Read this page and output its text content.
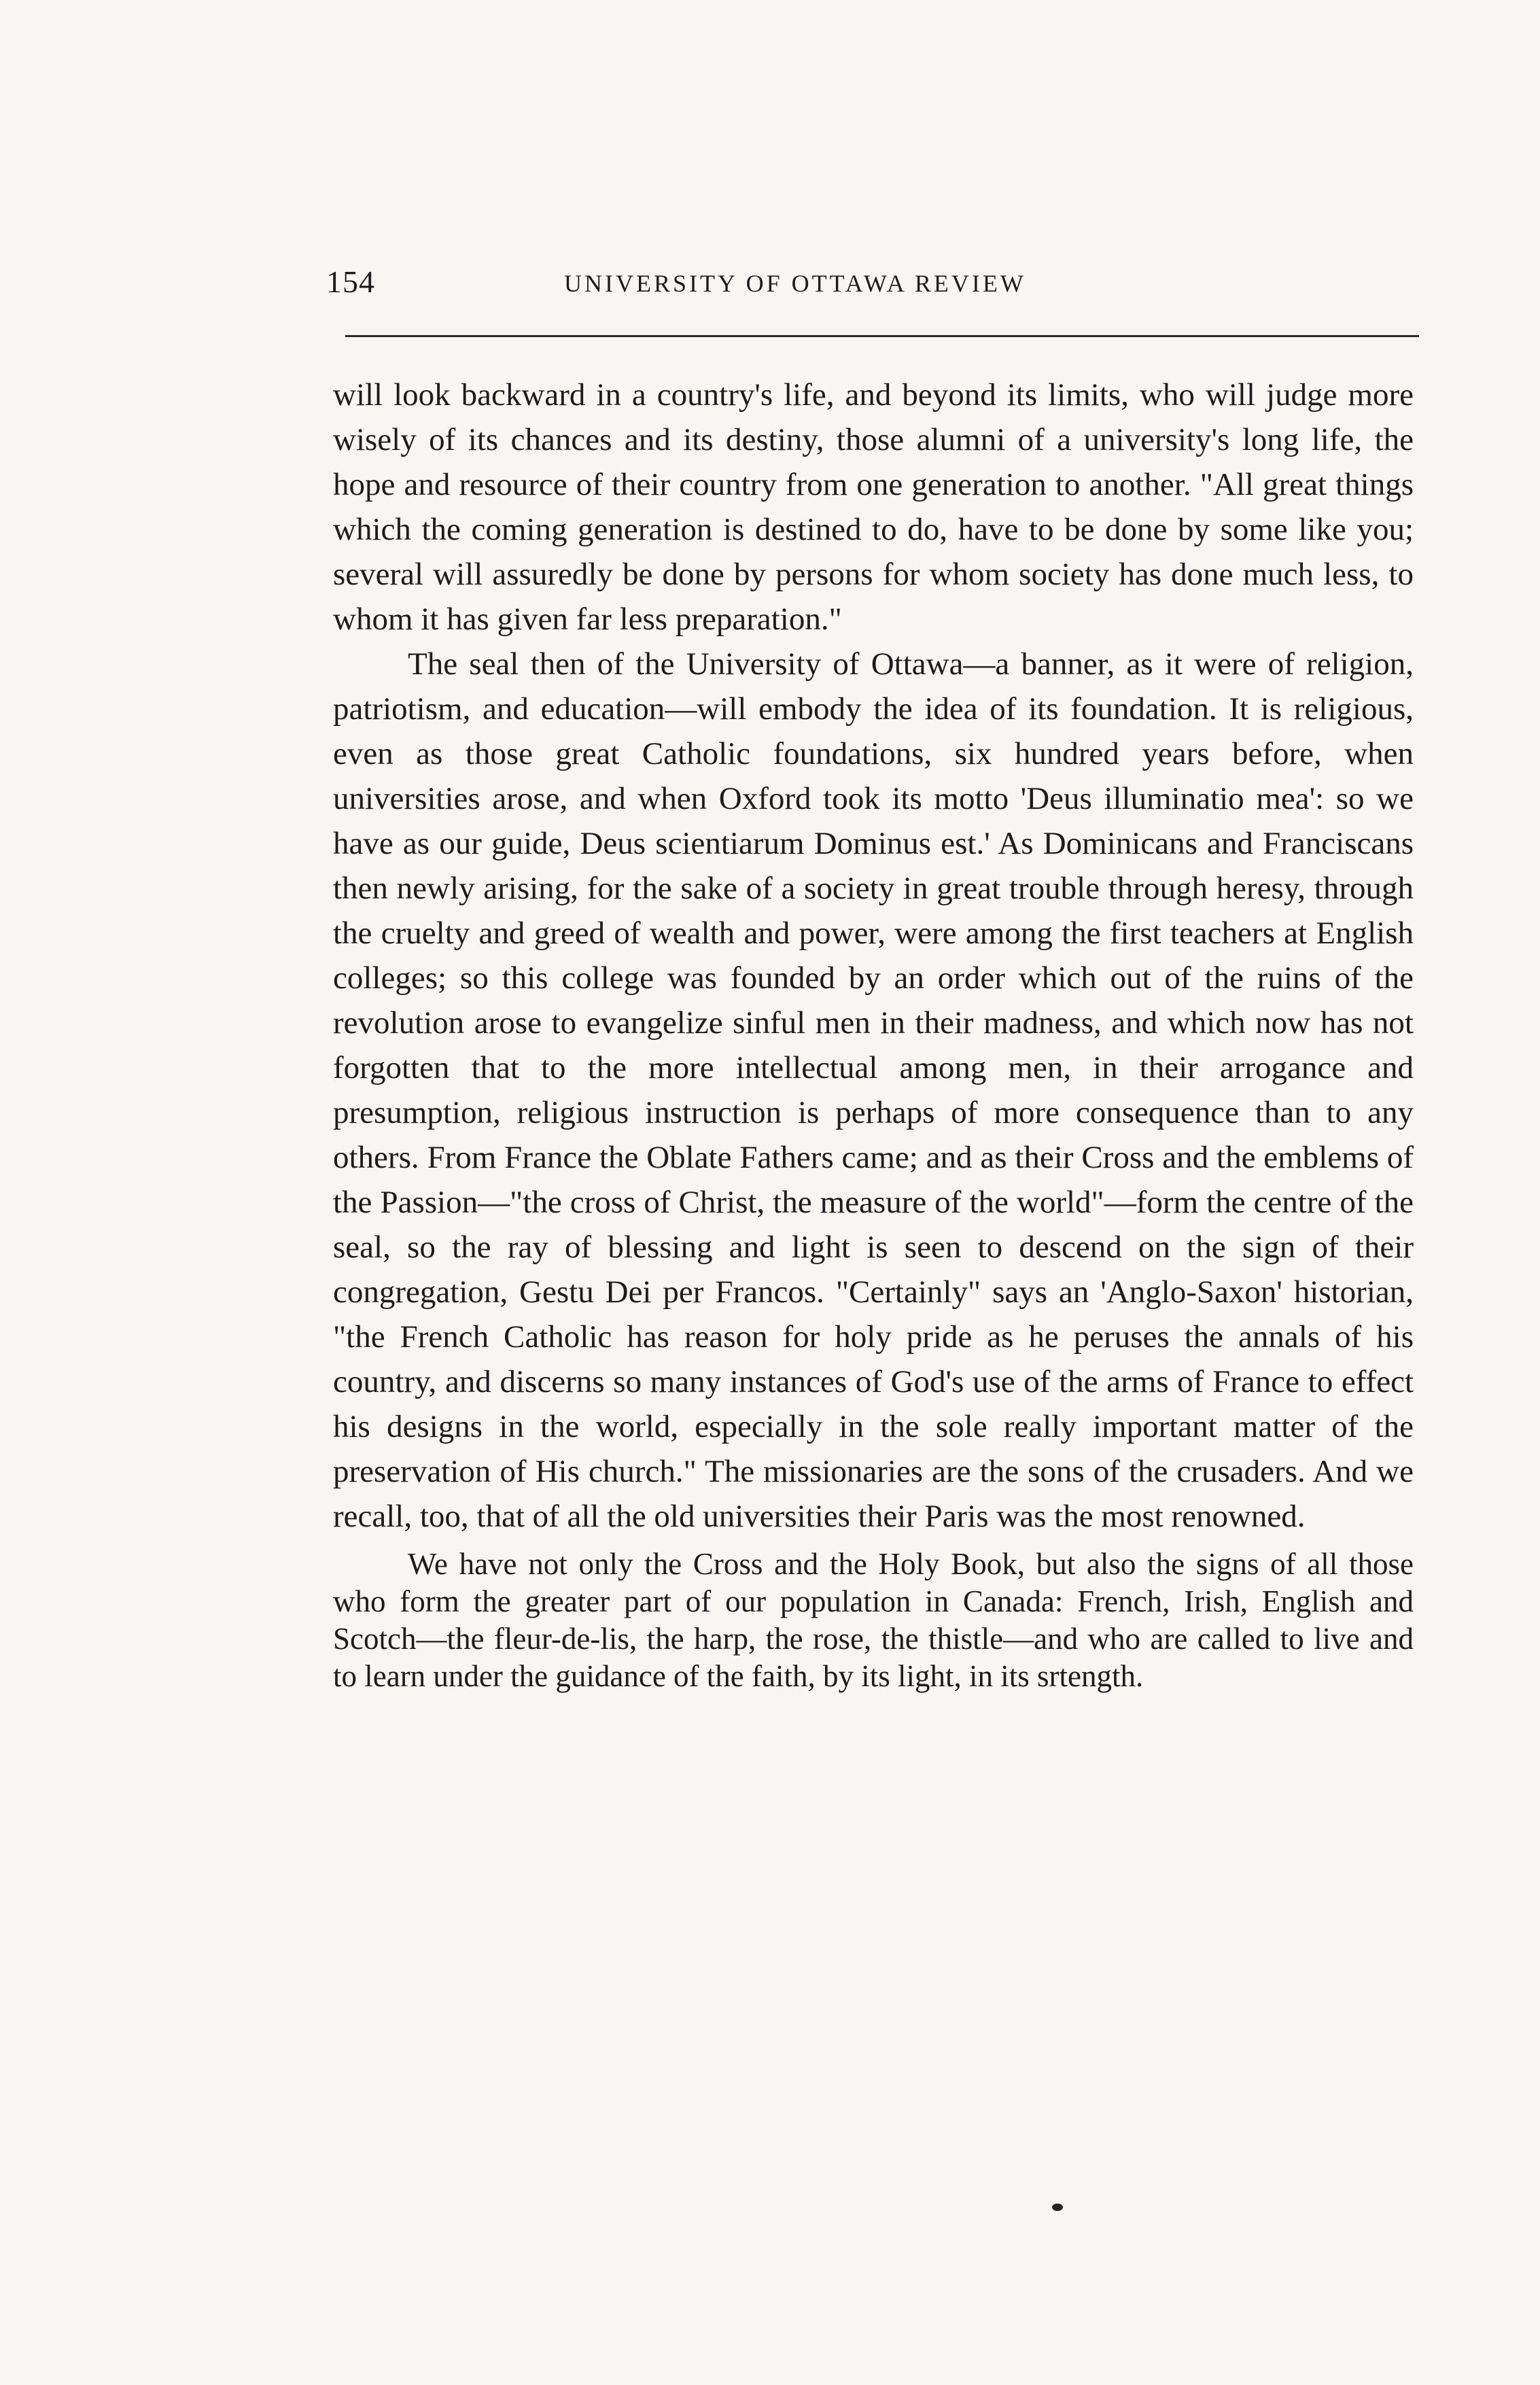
154	UNIVERSITY OF OTTAWA REVIEW

will look backward in a country's life, and beyond its limits, who will judge more wisely of its chances and its destiny, those alumni of a university's long life, the hope and resource of their country from one generation to another. "All great things which the coming generation is destined to do, have to be done by some like you; several will assuredly be done by persons for whom society has done much less, to whom it has given far less preparation."

The seal then of the University of Ottawa—a banner, as it were of religion, patriotism, and education—will embody the idea of its foundation. It is religious, even as those great Catholic foundations, six hundred years before, when universities arose, and when Oxford took its motto 'Deus illuminatio mea': so we have as our guide, Deus scientiarum Dominus est.' As Dominicans and Franciscans then newly arising, for the sake of a society in great trouble through heresy, through the cruelty and greed of wealth and power, were among the first teachers at English colleges; so this college was founded by an order which out of the ruins of the revolution arose to evangelize sinful men in their madness, and which now has not forgotten that to the more intellectual among men, in their arrogance and presumption, religious instruction is perhaps of more consequence than to any others. From France the Oblate Fathers came; and as their Cross and the emblems of the Passion—"the cross of Christ, the measure of the world"—form the centre of the seal, so the ray of blessing and light is seen to descend on the sign of their congregation, Gestu Dei per Francos. "Certainly" says an 'Anglo-Saxon' historian, "the French Catholic has reason for holy pride as he peruses the annals of his country, and discerns so many instances of God's use of the arms of France to effect his designs in the world, especially in the sole really important matter of the preservation of His church." The missionaries are the sons of the crusaders. And we recall, too, that of all the old universities their Paris was the most renowned.

We have not only the Cross and the Holy Book, but also the signs of all those who form the greater part of our population in Canada: French, Irish, English and Scotch—the fleur-de-lis, the harp, the rose, the thistle—and who are called to live and to learn under the guidance of the faith, by its light, in its srtength.
